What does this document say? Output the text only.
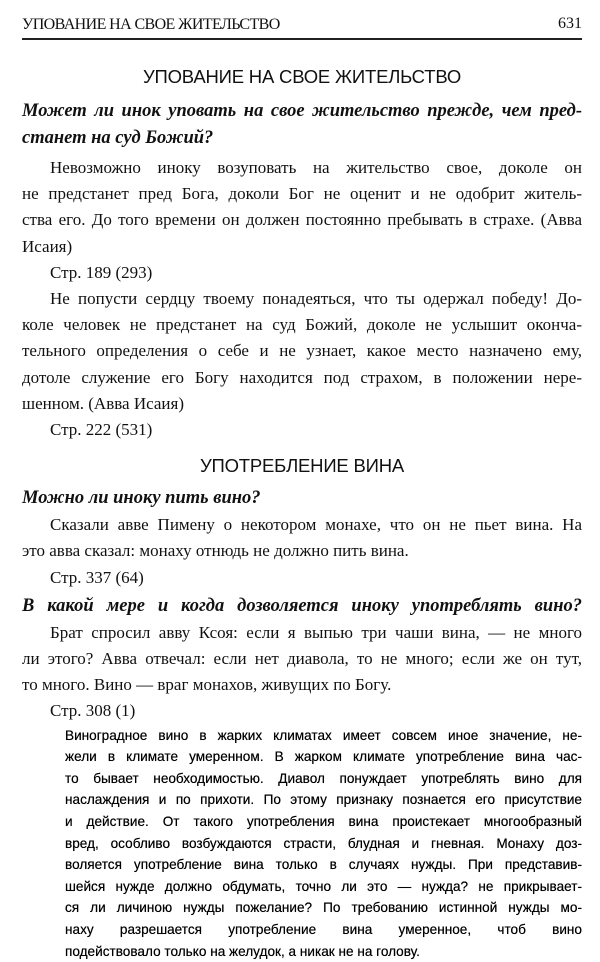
УПОВАНИЕ НА СВОЕ ЖИТЕЛЬСТВО	631
УПОВАНИЕ НА СВОЕ ЖИТЕЛЬСТВО
Может ли инок уповать на свое жительство прежде, чем пред-
станет на суд Божий?
Невозможно иноку возуповать на жительство свое, доколе он
не предстанет пред Бога, доколи Бог не оценит и не одобрит житель-
ства его. До того времени он должен постоянно пребывать в страхе. (Авва
Исаия)
Стр. 189 (293)
Не попусти сердцу твоему понадеяться, что ты одержал победу! До-
коле человек не предстанет на суд Божий, доколе не услышит оконча-
тельного определения о себе и не узнает, какое место назначено ему,
дотоле служение его Богу находится под страхом, в положении нере-
шенном. (Авва Исаия)
Стр. 222 (531)
УПОТРЕБЛЕНИЕ ВИНА
Можно ли иноку пить вино?
Сказали авве Пимену о некотором монахе, что он не пьет вина. На
это авва сказал: монаху отнюдь не должно пить вина.
Стр. 337 (64)
В какой мере и когда дозволяется иноку употреблять вино?
Брат спросил авву Ксоя: если я выпью три чаши вина, — не много
ли этого? Авва отвечал: если нет диавола, то не много; если же он тут,
то много. Вино — враг монахов, живущих по Богу.
Стр. 308 (1)
Виноградное вино в жарких климатах имеет совсем иное значение, не-
жели в климате умеренном. В жарком климате употребление вина час-
то бывает необходимостью. Диавол понуждает употреблять вино для
наслаждения и по прихоти. По этому признаку познается его присутствие
и действие. От такого употребления вина проистекает многообразный
вред, особливо возбуждаются страсти, блудная и гневная. Монаху доз-
воляется употребление вина только в случаях нужды. При представив-
шейся нужде должно обдумать, точно ли это — нужда? не прикрывает-
ся ли личиною нужды пожелание? По требованию истинной нужды мо-
наху разрешается употребление вина умеренное, чтоб вино
подействовало только на желудок, а никак не на голову.
